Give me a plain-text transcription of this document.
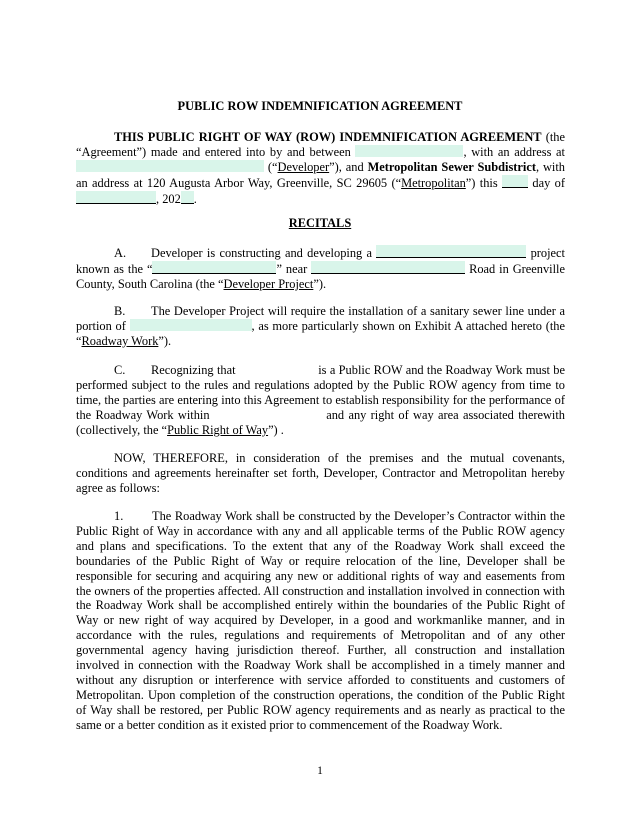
PUBLIC ROW INDEMNIFICATION AGREEMENT
THIS PUBLIC RIGHT OF WAY (ROW) INDEMNIFICATION AGREEMENT (the “Agreement”) made and entered into by and between	, with an address at  (“Developer”), and Metropolitan Sewer Subdistrict, with an address at 120 Augusta Arbor Way, Greenville, SC 29605 (“Metropolitan”) this  day of , 202 .
RECITALS
A. Developer is constructing and developing a	project known as the “	” near	Road in Greenville County, South Carolina (the “Developer Project”).
B. The Developer Project will require the installation of a sanitary sewer line under a portion of	, as more particularly shown on Exhibit A attached hereto (the “Roadway Work”).
C. Recognizing that	is a Public ROW and the Roadway Work must be performed subject to the rules and regulations adopted by the Public ROW agency from time to time, the parties are entering into this Agreement to establish responsibility for the performance of the Roadway Work within	and any right of way area associated therewith (collectively, the “Public Right of Way”) .
NOW, THEREFORE, in consideration of the premises and the mutual covenants, conditions and agreements hereinafter set forth, Developer, Contractor and Metropolitan hereby agree as follows:
1. The Roadway Work shall be constructed by the Developer’s Contractor within the Public Right of Way in accordance with any and all applicable terms of the Public ROW agency and plans and specifications. To the extent that any of the Roadway Work shall exceed the boundaries of the Public Right of Way or require relocation of the line, Developer shall be responsible for securing and acquiring any new or additional rights of way and easements from the owners of the properties affected. All construction and installation involved in connection with the Roadway Work shall be accomplished entirely within the boundaries of the Public Right of Way or new right of way acquired by Developer, in a good and workmanlike manner, and in accordance with the rules, regulations and requirements of Metropolitan and of any other governmental agency having jurisdiction thereof. Further, all construction and installation involved in connection with the Roadway Work shall be accomplished in a timely manner and without any disruption or interference with service afforded to constituents and customers of Metropolitan. Upon completion of the construction operations, the condition of the Public Right of Way shall be restored, per Public ROW agency requirements and as nearly as practical to the same or a better condition as it existed prior to commencement of the Roadway Work.
1
